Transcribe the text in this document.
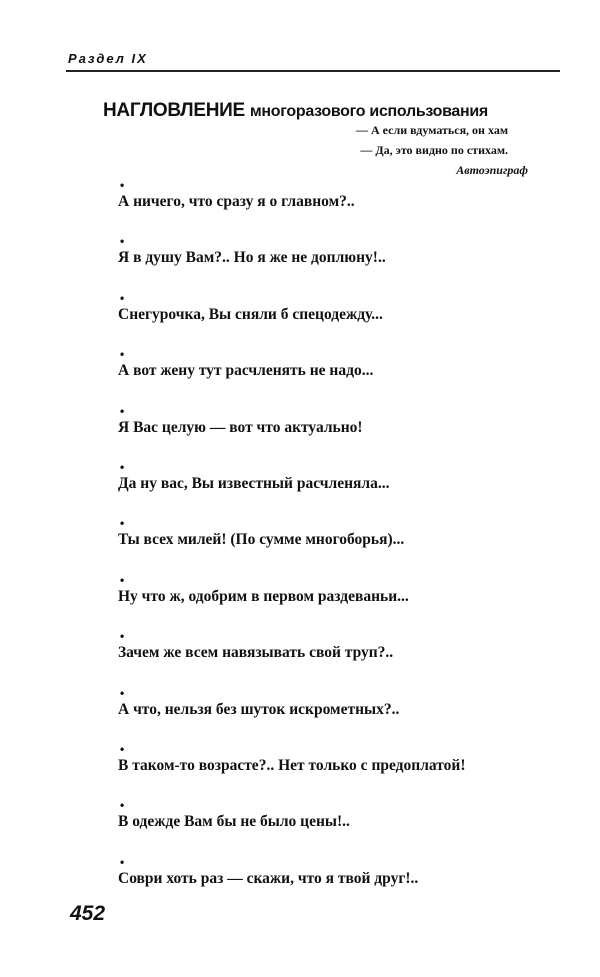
Раздел IX
НАГЛОВЛЕНИЕ многоразового использования
— А если вдуматься, он хам
— Да, это видно по стихам.
Автоэпиграф
•
А ничего, что сразу я о главном?..
•
Я в душу Вам?.. Но я же не доплюну!..
•
Снегурочка, Вы сняли б спецодежду...
•
А вот жену тут расчленять не надо...
•
Я Вас целую — вот что актуально!
•
Да ну вас, Вы известный расчленяла...
•
Ты всех милей! (По сумме многоборья)...
•
Ну что ж, одобрим в первом раздеваньи...
•
Зачем же всем навязывать свой труп?..
•
А что, нельзя без шуток искрометных?..
•
В таком-то возрасте?.. Нет только с предоплатой!
•
В одежде Вам бы не было цены!..
•
Соври хоть раз — скажи, что я твой друг!..
452
